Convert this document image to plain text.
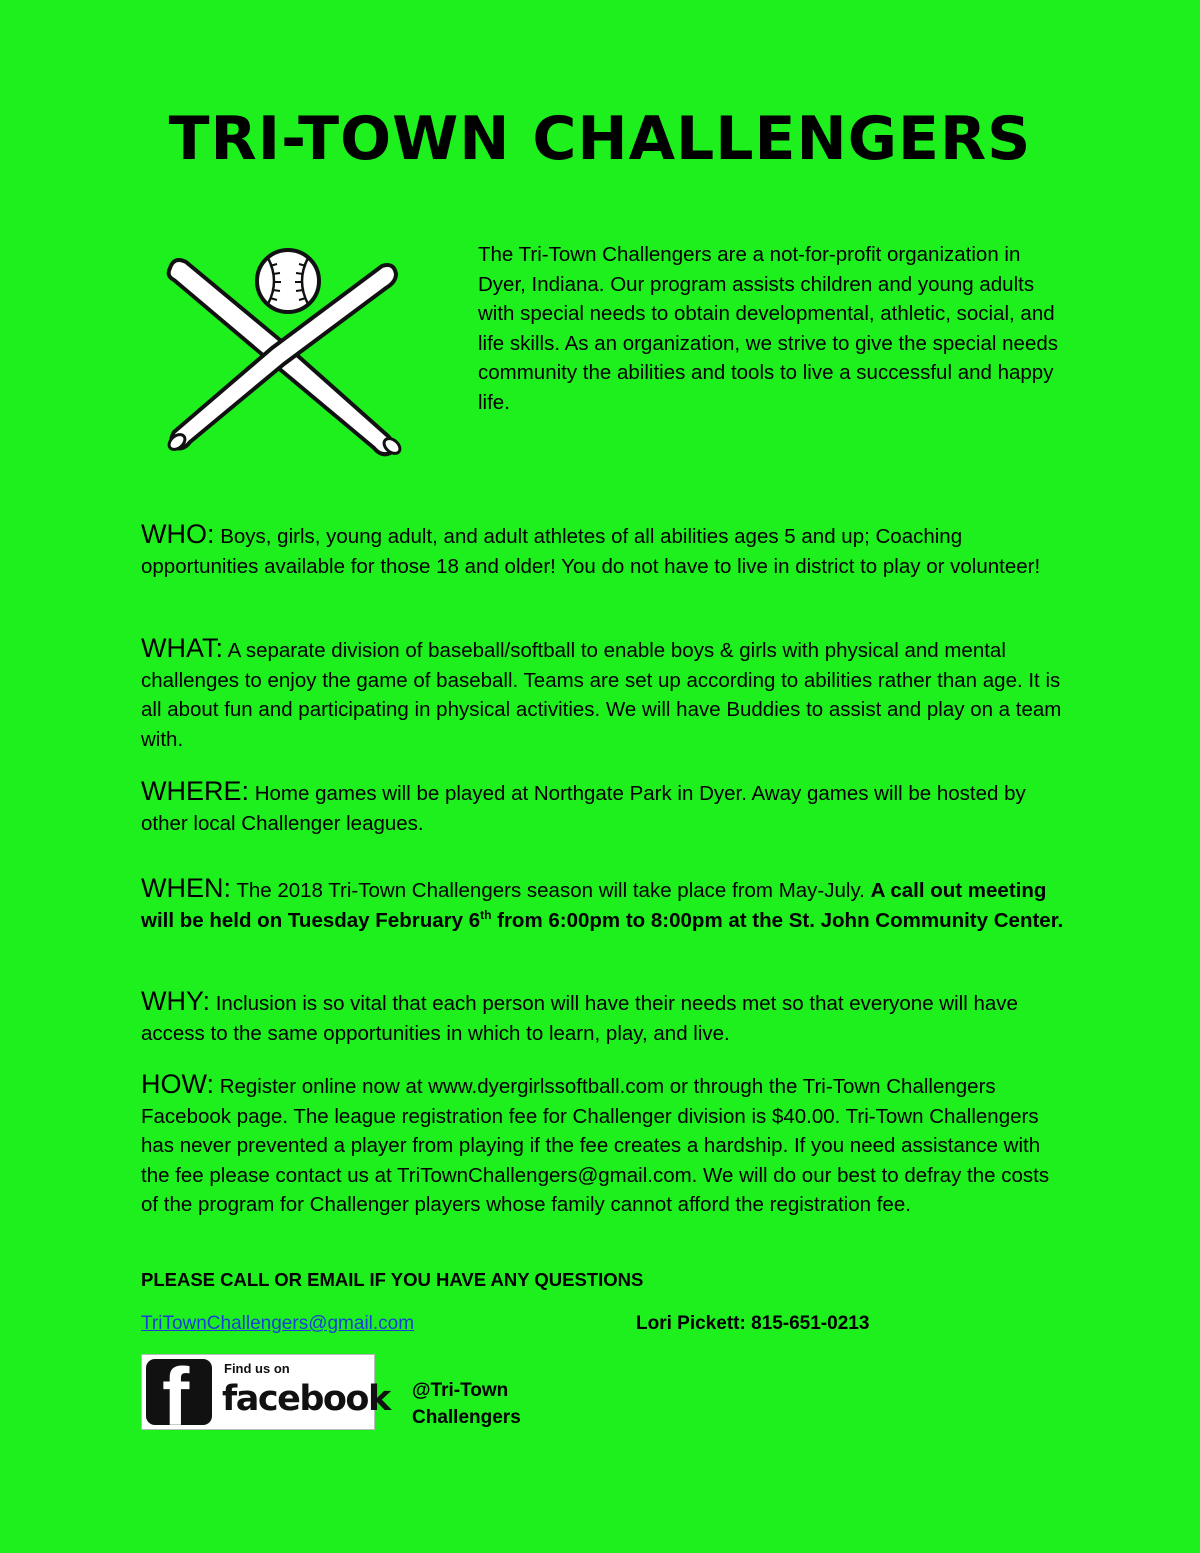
TRI-TOWN CHALLENGERS

The Tri-Town Challengers are a not-for-profit organization in Dyer, Indiana. Our program assists children and young adults with special needs to obtain developmental, athletic, social, and life skills. As an organization, we strive to give the special needs community the abilities and tools to live a successful and happy life.

WHO: Boys, girls, young adult, and adult athletes of all abilities ages 5 and up; Coaching opportunities available for those 18 and older! You do not have to live in district to play or volunteer!
WHAT: A separate division of baseball/softball to enable boys & girls with physical and mental challenges to enjoy the game of baseball. Teams are set up according to abilities rather than age. It is all about fun and participating in physical activities. We will have Buddies to assist and play on a team with.
WHERE: Home games will be played at Northgate Park in Dyer. Away games will be hosted by other local Challenger leagues.
WHEN: The 2018 Tri-Town Challengers season will take place from May-July. A call out meeting will be held on Tuesday February 6th from 6:00pm to 8:00pm at the St. John Community Center.
WHY: Inclusion is so vital that each person will have their needs met so that everyone will have access to the same opportunities in which to learn, play, and live.
HOW: Register online now at www.dyergirlssoftball.com or through the Tri-Town Challengers Facebook page. The league registration fee for Challenger division is $40.00. Tri-Town Challengers has never prevented a player from playing if the fee creates a hardship. If you need assistance with the fee please contact us at TriTownChallengers@gmail.com. We will do our best to defray the costs of the program for Challenger players whose family cannot afford the registration fee.
PLEASE CALL OR EMAIL IF YOU HAVE ANY QUESTIONS
TriTownChallengers@gmail.com	Lori Pickett: 815-651-0213
f	Find us on
facebook @Tri-Town
Challengers
